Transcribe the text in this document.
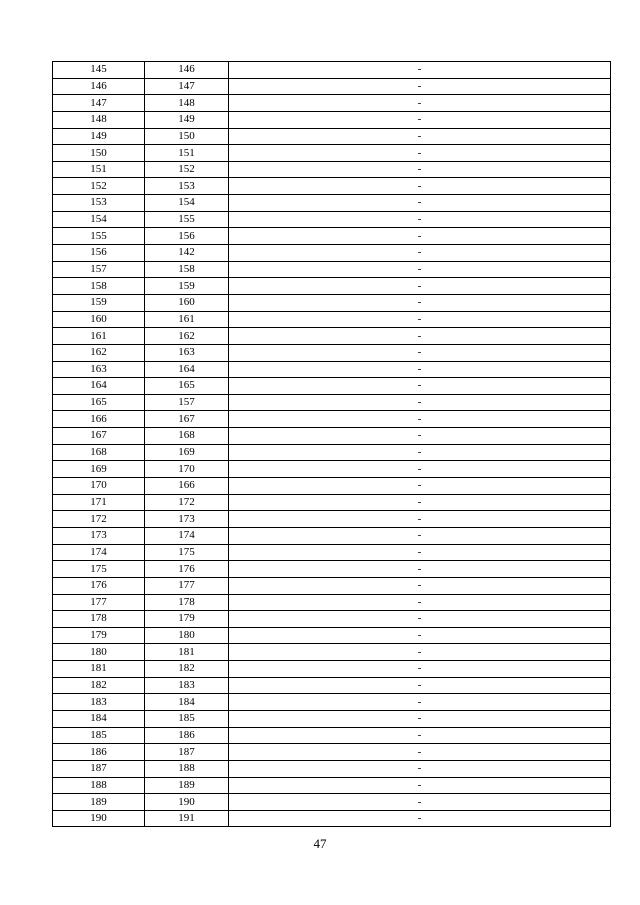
145	146	-
146	147	-
147	148	-
148	149	-
149	150	-
150	151	-
151	152	-
152	153	-
153	154	-
154	155	-
155	156	-
156	142	-
157	158	-
158	159	-
159	160	-
160	161	-
161	162	-
162	163	-
163	164	-
164	165	-
165	157	-
166	167	-
167	168	-
168	169	-
169	170	-
170	166	-
171	172	-
172	173	-
173	174	-
174	175	-
175	176	-
176	177	-
177	178	-
178	179	-
179	180	-
180	181	-
181	182	-
182	183	-
183	184	-
184	185	-
185	186	-
186	187	-
187	188	-
188	189	-
189	190	-
190	191	-
47
